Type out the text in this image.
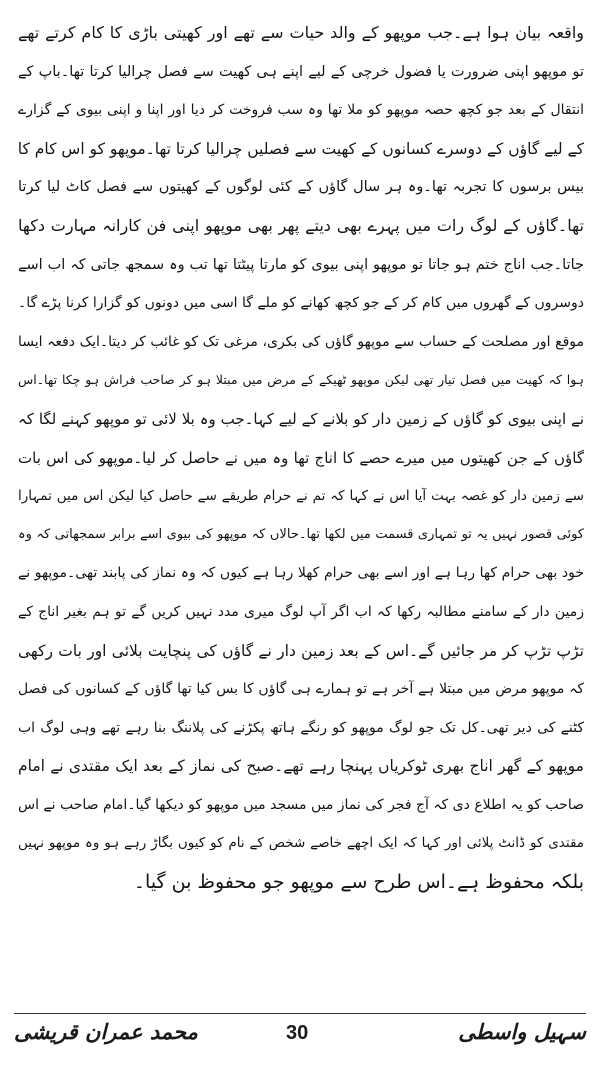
واقعہ بیان ہوا ہے۔جب موپھو کے والد حیات سے تھے اور کھیتی باڑی کا کام کرتے تھے
تو موپھو اپنی ضرورت یا فضول خرچی کے لیے اپنے ہی کھیت سے فصل چرالیا کرتا تھا۔باپ کے
انتقال کے بعد جو کچھ حصہ موپھو کو ملا تھا وہ سب فروخت کر دیا اور اپنا و اپنی بیوی کے گزارے
کے لیے گاؤں کے دوسرے کسانوں کے کھیت سے فصلیں چرالیا کرتا تھا۔موپھو کو اس کام کا
بیس برسوں کا تجربہ تھا۔وہ ہر سال گاؤں کے کئی لوگوں کے کھیتوں سے فصل کاٹ لیا کرتا
تھا۔گاؤں کے لوگ رات میں پہرے بھی دیتے پھر بھی موپھو اپنی فن کارانہ مہارت دکھا
جاتا۔جب اناج ختم ہو جاتا تو موپھو اپنی بیوی کو مارتا پیٹتا تھا تب وہ سمجھ جاتی کہ اب اسے
دوسروں کے گھروں میں کام کر کے جو کچھ کھانے کو ملے گا اسی میں دونوں کو گزارا کرنا پڑے گا۔
موقع اور مصلحت کے حساب سے موپھو گاؤں کی بکری، مرغی تک کو غائب کر دیتا۔ایک دفعہ ایسا
ہوا کہ کھیت میں فصل تیار تھی لیکن موپھو ٹھیکے کے مرض میں مبتلا ہو کر صاحب فراش ہو چکا تھا۔اس
نے اپنی بیوی کو گاؤں کے زمین دار کو بلانے کے لیے کہا۔جب وہ بلا لائی تو موپھو کہنے لگا کہ
گاؤں کے جن کھیتوں میں میرے حصے کا اناج تھا وہ میں نے حاصل کر لیا۔موپھو کی اس بات
سے زمین دار کو غصہ بہت آیا اس نے کہا کہ تم نے حرام طریقے سے حاصل کیا لیکن اس میں تمہارا
کوئی قصور نہیں یہ تو تمہاری قسمت میں لکھا تھا۔حالاں کہ موپھو کی بیوی اسے برابر سمجھاتی کہ وہ
خود بھی حرام کھا رہا ہے اور اسے بھی حرام کھلا رہا ہے کیوں کہ وہ نماز کی پابند تھی۔موپھو نے
زمین دار کے سامنے مطالبہ رکھا کہ اب اگر آپ لوگ میری مدد نہیں کریں گے تو ہم بغیر اناج کے
تڑپ تڑپ کر مر جائیں گے۔اس کے بعد زمین دار نے گاؤں کی پنچایت بلائی اور بات رکھی
کہ موپھو مرض میں مبتلا ہے آخر ہے تو ہمارے ہی گاؤں کا بس کیا تھا گاؤں کے کسانوں کی فصل
کٹنے کی دیر تھی۔کل تک جو لوگ موپھو کو رنگے ہاتھ پکڑنے کی پلاننگ بنا رہے تھے وہی لوگ اب
موپھو کے گھر اناج بھری ٹوکریاں پہنچا رہے تھے۔صبح کی نماز کے بعد ایک مقتدی نے امام
صاحب کو یہ اطلاع دی کہ آج فجر کی نماز میں مسجد میں موپھو کو دیکھا گیا۔امام صاحب نے اس
مقتدی کو ڈانٹ پلائی اور کہا کہ ایک اچھے خاصے شخص کے نام کو کیوں بگاڑ رہے ہو وہ موپھو نہیں
بلکہ محفوظ ہے۔اس طرح سے موپھو جو محفوظ بن گیا۔
محمد عمران قریشی	30	سہیل واسطی
